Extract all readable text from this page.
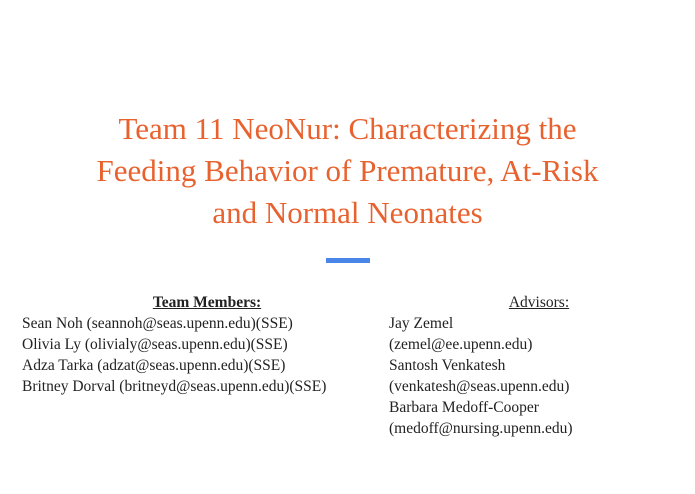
Team 11 NeoNur: Characterizing the
Feeding Behavior of Premature, At-Risk
and Normal Neonates
Team Members:
Sean Noh (seannoh@seas.upenn.edu)(SSE)
Olivia Ly (olivialy@seas.upenn.edu)(SSE)
Adza Tarka (adzat@seas.upenn.edu)(SSE)
Britney Dorval (britneyd@seas.upenn.edu)(SSE)
Advisors:
Jay Zemel
(zemel@ee.upenn.edu)
Santosh Venkatesh
(venkatesh@seas.upenn.edu)
Barbara Medoff-Cooper
(medoff@nursing.upenn.edu)
